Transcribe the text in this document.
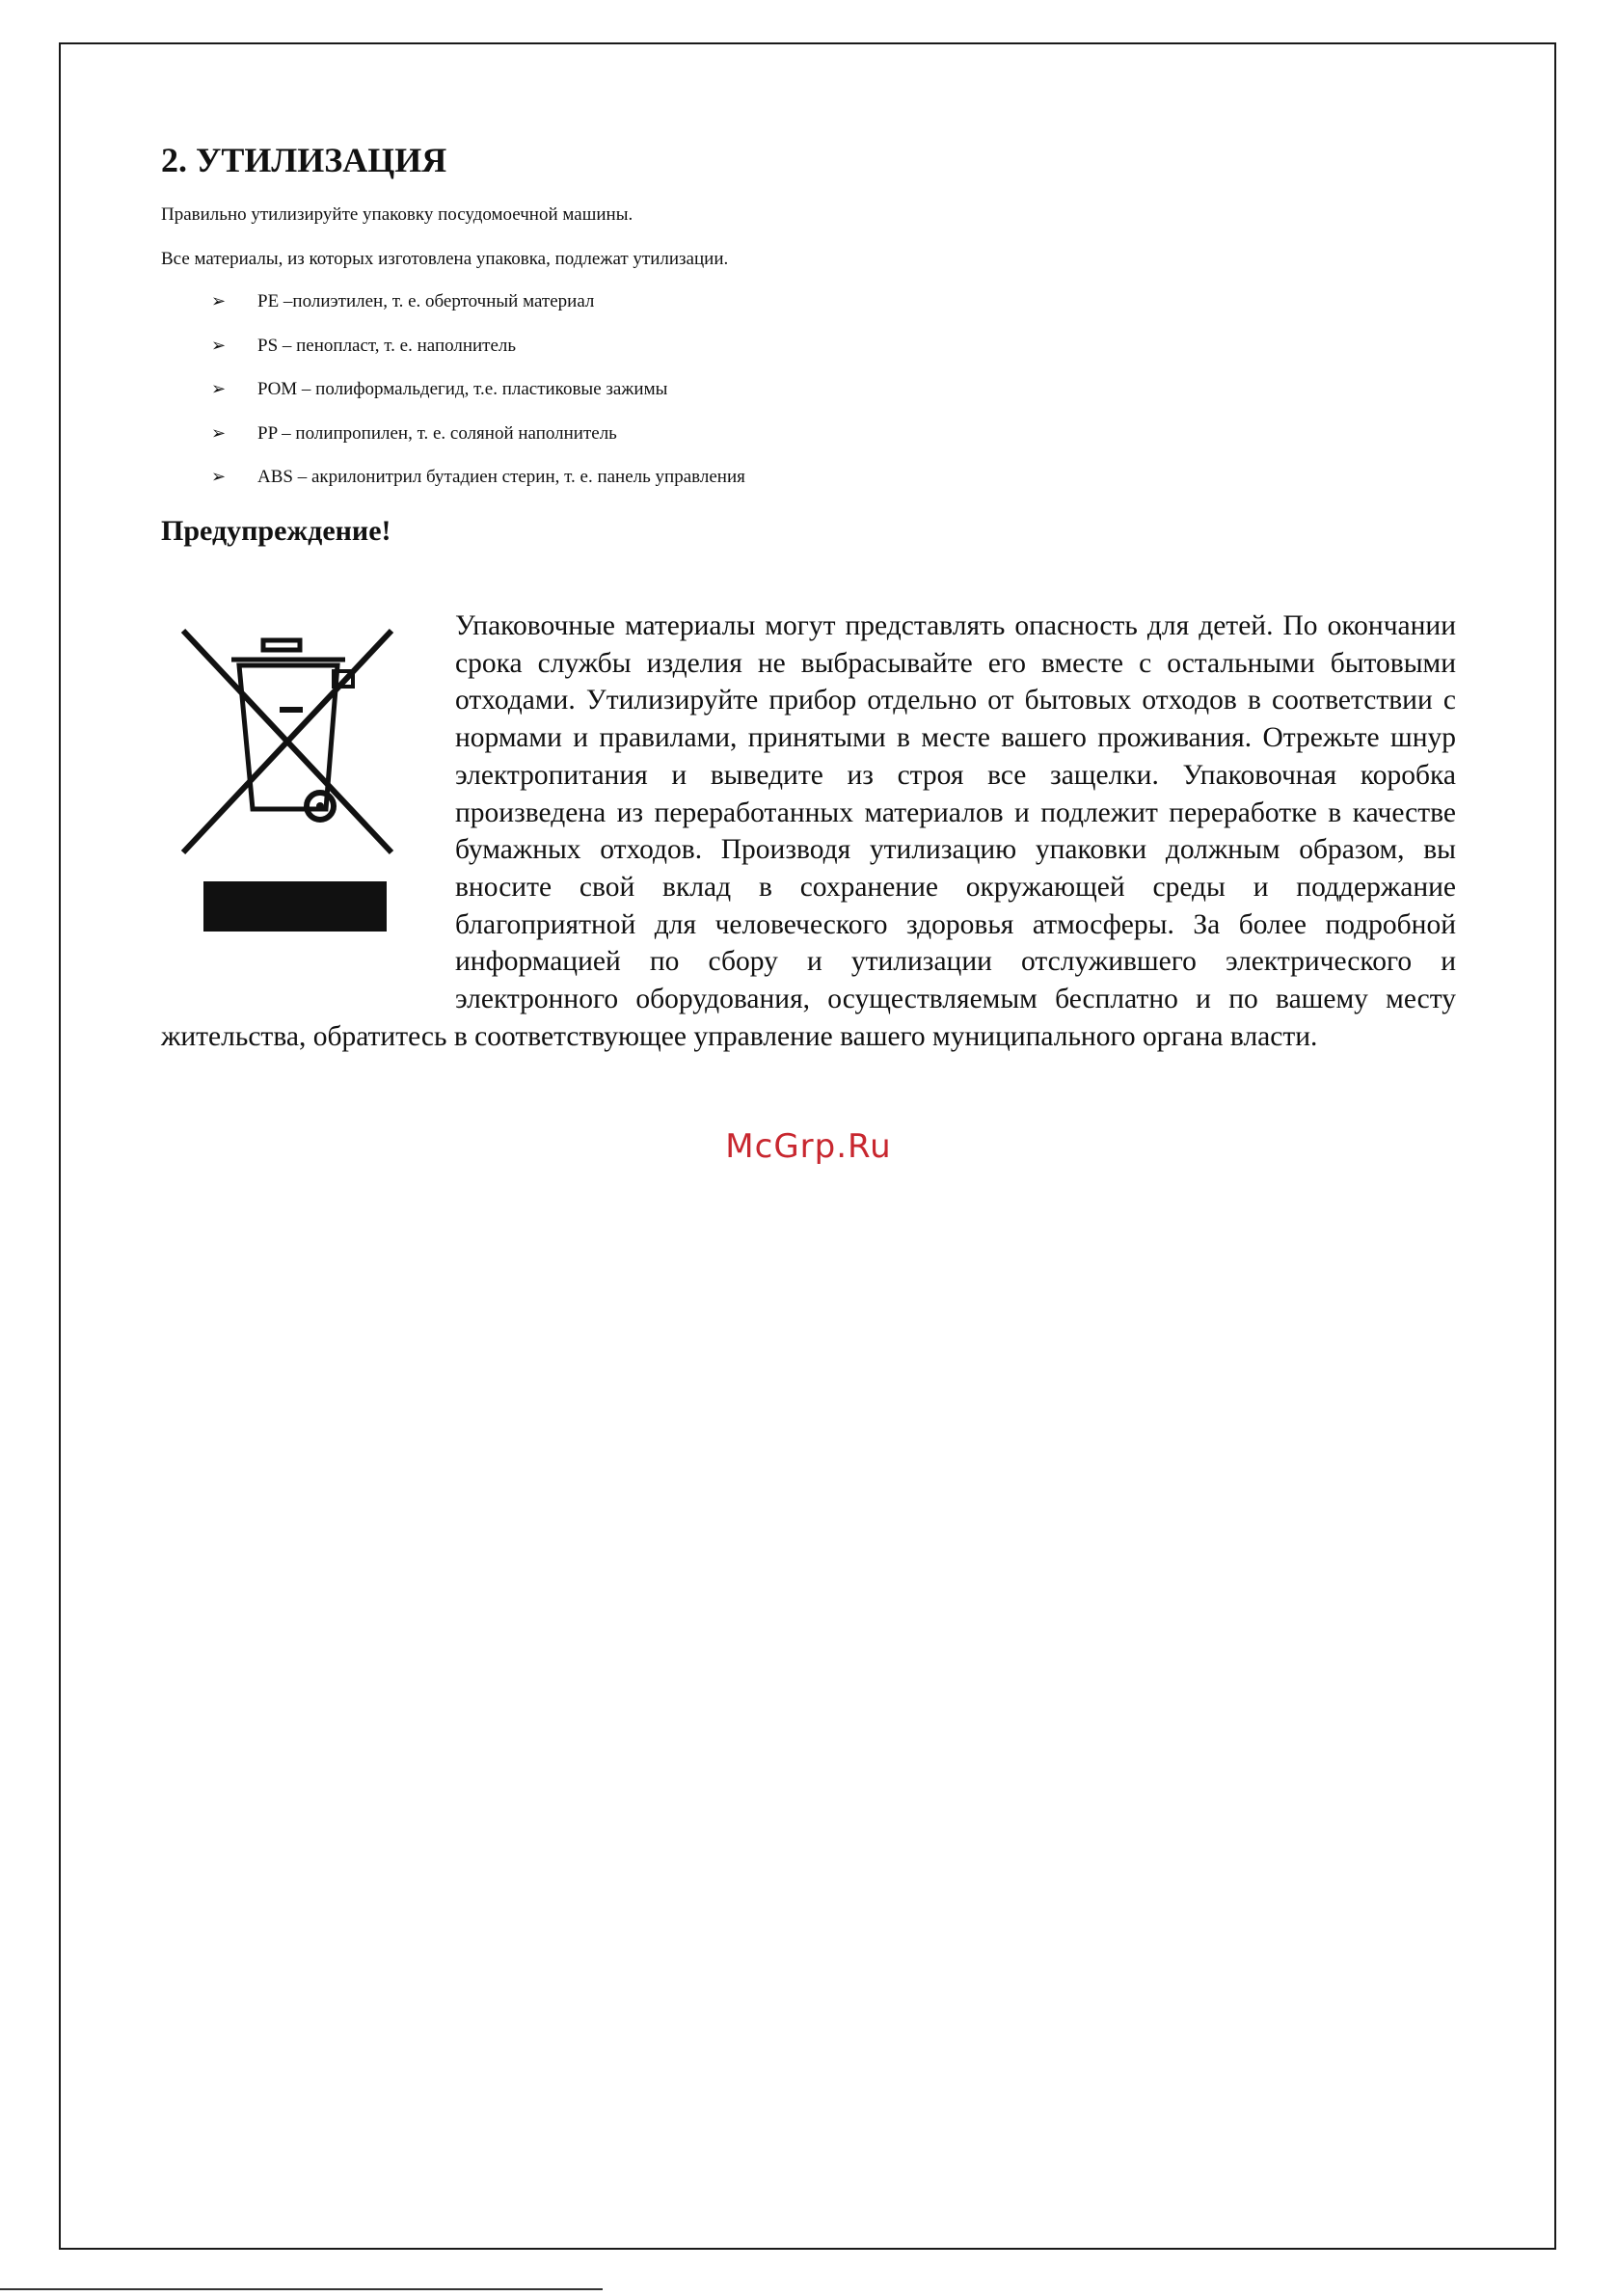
2. УТИЛИЗАЦИЯ

Правильно утилизируйте упаковку посудомоечной машины.

Все материалы, из которых изготовлена упаковка, подлежат утилизации.

➢	PE –полиэтилен, т. е. оберточный материал
➢	PS – пенопласт, т. е. наполнитель
➢	POM – полиформальдегид, т.е. пластиковые зажимы
➢	PP – полипропилен, т. е. соляной наполнитель
➢	ABS – акрилонитрил бутадиен стерин, т. е. панель управления
Предупреждение!

Упаковочные материалы могут представлять опасность для детей. По окончании срока службы изделия не выбрасывайте его вместе с остальными бытовыми отходами. Утилизируйте прибор отдельно от бытовых отходов в соответствии с нормами и правилами, принятыми в месте вашего проживания. Отрежьте шнур электропитания и выведите из строя все защелки. Упаковочная коробка произведена из переработанных материалов и подлежит переработке в качестве бумажных отходов. Производя утилизацию упаковки должным образом, вы вносите свой вклад в сохранение окружающей среды и поддержание благоприятной для человеческого здоровья атмосферы. За более подробной информацией по сбору и утилизации отслужившего электрического и электронного оборудования, осуществляемым бесплатно и по вашему месту жительства, обратитесь в соответствующее управление вашего муниципального органа власти.

McGrp.Ru
